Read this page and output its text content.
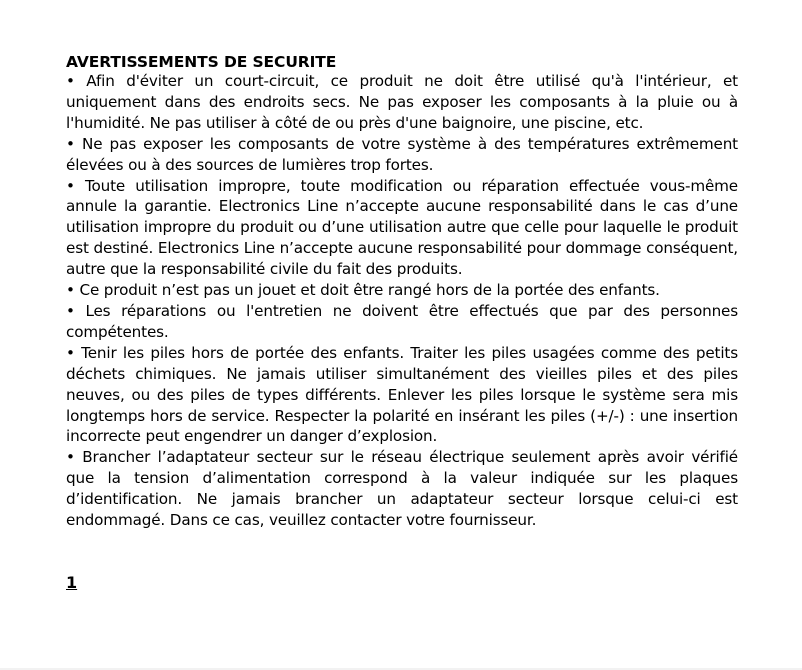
AVERTISSEMENTS DE SECURITE

• Afin d'éviter un court-circuit, ce produit ne doit être utilisé qu'à l'intérieur, et uniquement dans des endroits secs. Ne pas exposer les composants à la pluie ou à l'humidité. Ne pas utiliser à côté de ou près d'une baignoire, une piscine, etc.

• Ne pas exposer les composants de votre système à des températures extrêmement élevées ou à des sources de lumières trop fortes.

• Toute utilisation impropre, toute modification ou réparation effectuée vous-même annule la garantie. Electronics Line n’accepte aucune responsabilité dans le cas d’une utilisation impropre du produit ou d’une utilisation autre que celle pour laquelle le produit est destiné. Electronics Line n’accepte aucune responsabilité pour dommage conséquent, autre que la responsabilité civile du fait des produits.

• Ce produit n’est pas un jouet et doit être rangé hors de la portée des enfants.

• Les réparations ou l'entretien ne doivent être effectués que par des personnes compétentes.

• Tenir les piles hors de portée des enfants. Traiter les piles usagées comme des petits déchets chimiques. Ne jamais utiliser simultanément des vieilles piles et des piles neuves, ou des piles de types différents. Enlever les piles lorsque le système sera mis longtemps hors de service. Respecter la polarité en insérant les piles (+/-) : une insertion incorrecte peut engendrer un danger d’explosion.

• Brancher l’adaptateur secteur sur le réseau électrique seulement après avoir vérifié que la tension d’alimentation correspond à la valeur indiquée sur les plaques d’identification. Ne jamais brancher un adaptateur secteur lorsque celui-ci est endommagé. Dans ce cas, veuillez contacter votre fournisseur.

1
